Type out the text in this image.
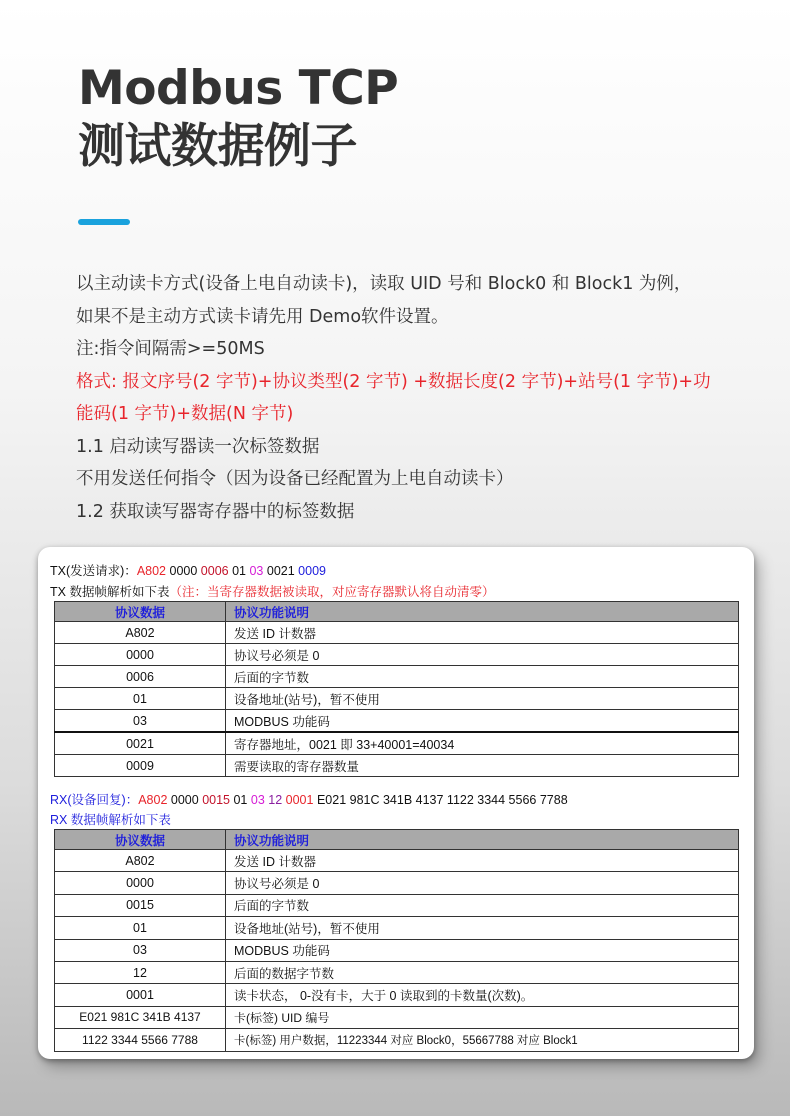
Modbus TCP
测试数据例子
以主动读卡方式(设备上电自动读卡)，读取 UID 号和 Block0 和 Block1 为例，
如果不是主动方式读卡请先用 Demo软件设置。
注:指令间隔需>=50MS
格式: 报文序号(2 字节)+协议类型(2 字节) +数据长度(2 字节)+站号(1 字节)+功
能码(1 字节)+数据(N 字节)
1.1 启动读写器读一次标签数据
不用发送任何指令（因为设备已经配置为上电自动读卡）
1.2 获取读写器寄存器中的标签数据
TX(发送请求)：A802 0000 0006 01 03 0021 0009
TX 数据帧解析如下表（注：当寄存器数据被读取，对应寄存器默认将自动清零）
协议数据	协议功能说明
A802	发送 ID 计数器
0000	协议号必须是 0
0006	后面的字节数
01	设备地址(站号)，暂不使用
03	MODBUS 功能码
0021	寄存器地址，0021 即 33+40001=40034
0009	需要读取的寄存器数量
RX(设备回复)：A802 0000 0015 01 03 12 0001 E021 981C 341B 4137 1122 3344 5566 7788
RX 数据帧解析如下表
协议数据	协议功能说明
A802	发送 ID 计数器
0000	协议号必须是 0
0015	后面的字节数
01	设备地址(站号)，暂不使用
03	MODBUS 功能码
12	后面的数据字节数
0001	读卡状态， 0-没有卡，大于 0 读取到的卡数量(次数)。
E021 981C 341B 4137	卡(标签) UID 编号
1122 3344 5566 7788	卡(标签) 用户数据，11223344 对应 Block0，55667788 对应 Block1
